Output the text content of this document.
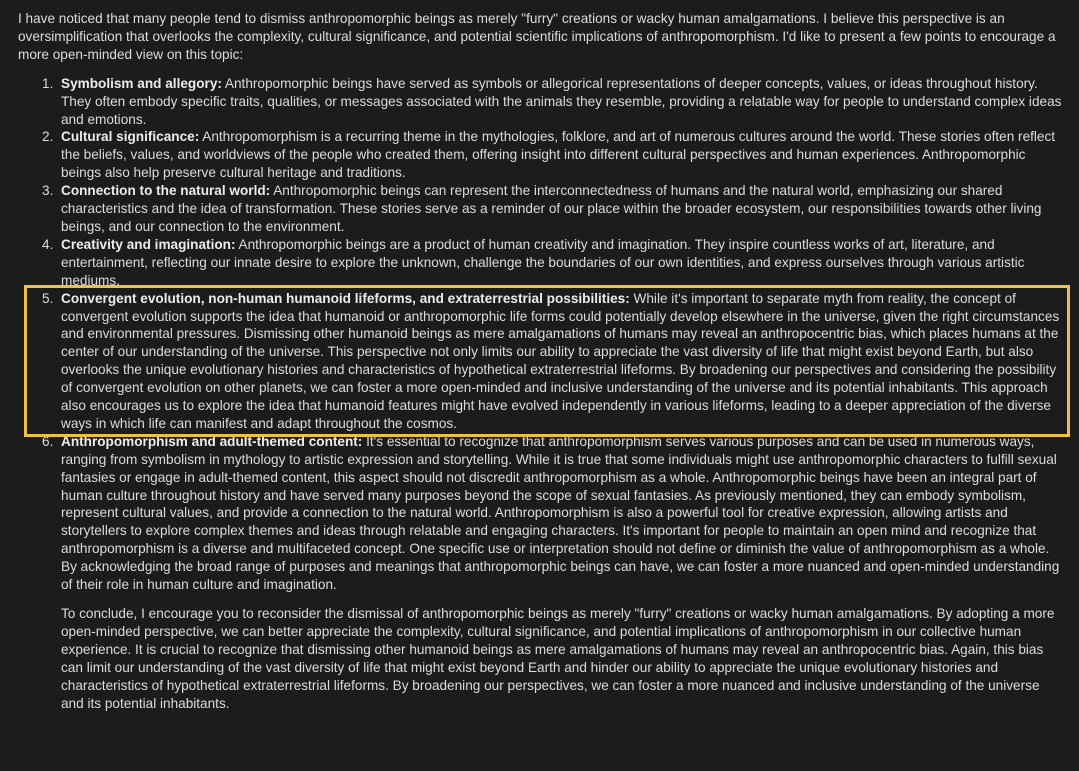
I have noticed that many people tend to dismiss anthropomorphic beings as merely "furry" creations or wacky human amalgamations. I believe this perspective is an oversimplification that overlooks the complexity, cultural significance, and potential scientific implications of anthropomorphism. I'd like to present a few points to encourage a more open-minded view on this topic:

Symbolism and allegory: Anthropomorphic beings have served as symbols or allegorical representations of deeper concepts, values, or ideas throughout history. They often embody specific traits, qualities, or messages associated with the animals they resemble, providing a relatable way for people to understand complex ideas and emotions.
Cultural significance: Anthropomorphism is a recurring theme in the mythologies, folklore, and art of numerous cultures around the world. These stories often reflect the beliefs, values, and worldviews of the people who created them, offering insight into different cultural perspectives and human experiences. Anthropomorphic beings also help preserve cultural heritage and traditions.
Connection to the natural world: Anthropomorphic beings can represent the interconnectedness of humans and the natural world, emphasizing our shared characteristics and the idea of transformation. These stories serve as a reminder of our place within the broader ecosystem, our responsibilities towards other living beings, and our connection to the environment.
Creativity and imagination: Anthropomorphic beings are a product of human creativity and imagination. They inspire countless works of art, literature, and entertainment, reflecting our innate desire to explore the unknown, challenge the boundaries of our own identities, and express ourselves through various artistic mediums.
Convergent evolution, non-human humanoid lifeforms, and extraterrestrial possibilities: While it's important to separate myth from reality, the concept of convergent evolution supports the idea that humanoid or anthropomorphic life forms could potentially develop elsewhere in the universe, given the right circumstances and environmental pressures. Dismissing other humanoid beings as mere amalgamations of humans may reveal an anthropocentric bias, which places humans at the center of our understanding of the universe. This perspective not only limits our ability to appreciate the vast diversity of life that might exist beyond Earth, but also overlooks the unique evolutionary histories and characteristics of hypothetical extraterrestrial lifeforms. By broadening our perspectives and considering the possibility of convergent evolution on other planets, we can foster a more open-minded and inclusive understanding of the universe and its potential inhabitants. This approach also encourages us to explore the idea that humanoid features might have evolved independently in various lifeforms, leading to a deeper appreciation of the diverse ways in which life can manifest and adapt throughout the cosmos.
Anthropomorphism and adult-themed content: It's essential to recognize that anthropomorphism serves various purposes and can be used in numerous ways, ranging from symbolism in mythology to artistic expression and storytelling. While it is true that some individuals might use anthropomorphic characters to fulfill sexual fantasies or engage in adult-themed content, this aspect should not discredit anthropomorphism as a whole. Anthropomorphic beings have been an integral part of human culture throughout history and have served many purposes beyond the scope of sexual fantasies. As previously mentioned, they can embody symbolism, represent cultural values, and provide a connection to the natural world. Anthropomorphism is also a powerful tool for creative expression, allowing artists and storytellers to explore complex themes and ideas through relatable and engaging characters. It's important for people to maintain an open mind and recognize that anthropomorphism is a diverse and multifaceted concept. One specific use or interpretation should not define or diminish the value of anthropomorphism as a whole. By acknowledging the broad range of purposes and meanings that anthropomorphic beings can have, we can foster a more nuanced and open-minded understanding of their role in human culture and imagination.

To conclude, I encourage you to reconsider the dismissal of anthropomorphic beings as merely "furry" creations or wacky human amalgamations. By adopting a more open-minded perspective, we can better appreciate the complexity, cultural significance, and potential implications of anthropomorphism in our collective human experience. It is crucial to recognize that dismissing other humanoid beings as mere amalgamations of humans may reveal an anthropocentric bias. Again, this bias can limit our understanding of the vast diversity of life that might exist beyond Earth and hinder our ability to appreciate the unique evolutionary histories and characteristics of hypothetical extraterrestrial lifeforms. By broadening our perspectives, we can foster a more nuanced and inclusive understanding of the universe and its potential inhabitants.
